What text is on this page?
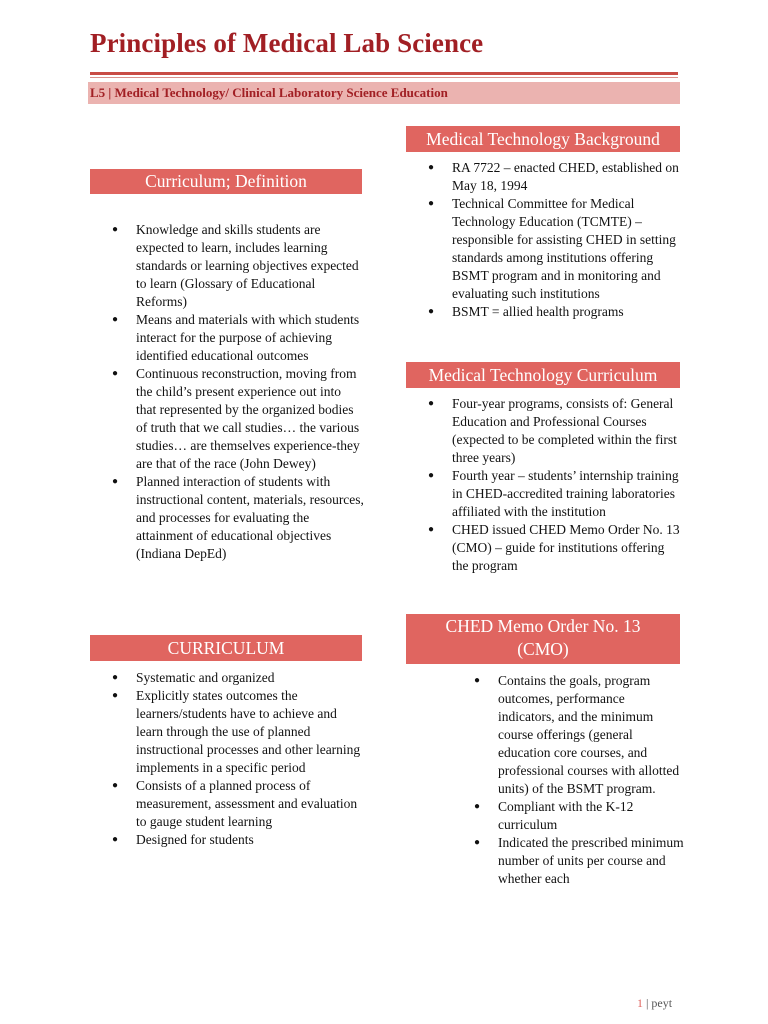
Principles of Medical Lab Science
L5 | Medical Technology/ Clinical Laboratory Science Education
Curriculum; Definition
● Knowledge and skills students are expected to learn, includes learning standards or learning objectives expected to learn (Glossary of Educational Reforms)
● Means and materials with which students interact for the purpose of achieving identified educational outcomes
● Continuous reconstruction, moving from the child’s present experience out into that represented by the organized bodies of truth that we call studies… the various studies… are themselves experience-they are that of the race (John Dewey)
● Planned interaction of students with instructional content, materials, resources, and processes for evaluating the attainment of educational objectives (Indiana DepEd)
CURRICULUM
● Systematic and organized
● Explicitly states outcomes the learners/students have to achieve and learn through the use of planned instructional processes and other learning implements in a specific period
● Consists of a planned process of measurement, assessment and evaluation to gauge student learning
● Designed for students
Medical Technology Background
● RA 7722 – enacted CHED, established on May 18, 1994
● Technical Committee for Medical Technology Education (TCMTE) – responsible for assisting CHED in setting standards among institutions offering BSMT program and in monitoring and evaluating such institutions
● BSMT = allied health programs
Medical Technology Curriculum
● Four-year programs, consists of: General Education and Professional Courses (expected to be completed within the first three years)
● Fourth year – students’ internship training in CHED-accredited training laboratories affiliated with the institution
● CHED issued CHED Memo Order No. 13 (CMO) – guide for institutions offering the program
CHED Memo Order No. 13 (CMO)
● Contains the goals, program outcomes, performance indicators, and the minimum course offerings (general education core courses, and professional courses with allotted units) of the BSMT program.
● Compliant with the K-12 curriculum
● Indicated the prescribed minimum number of units per course and whether each
1 | peyt
